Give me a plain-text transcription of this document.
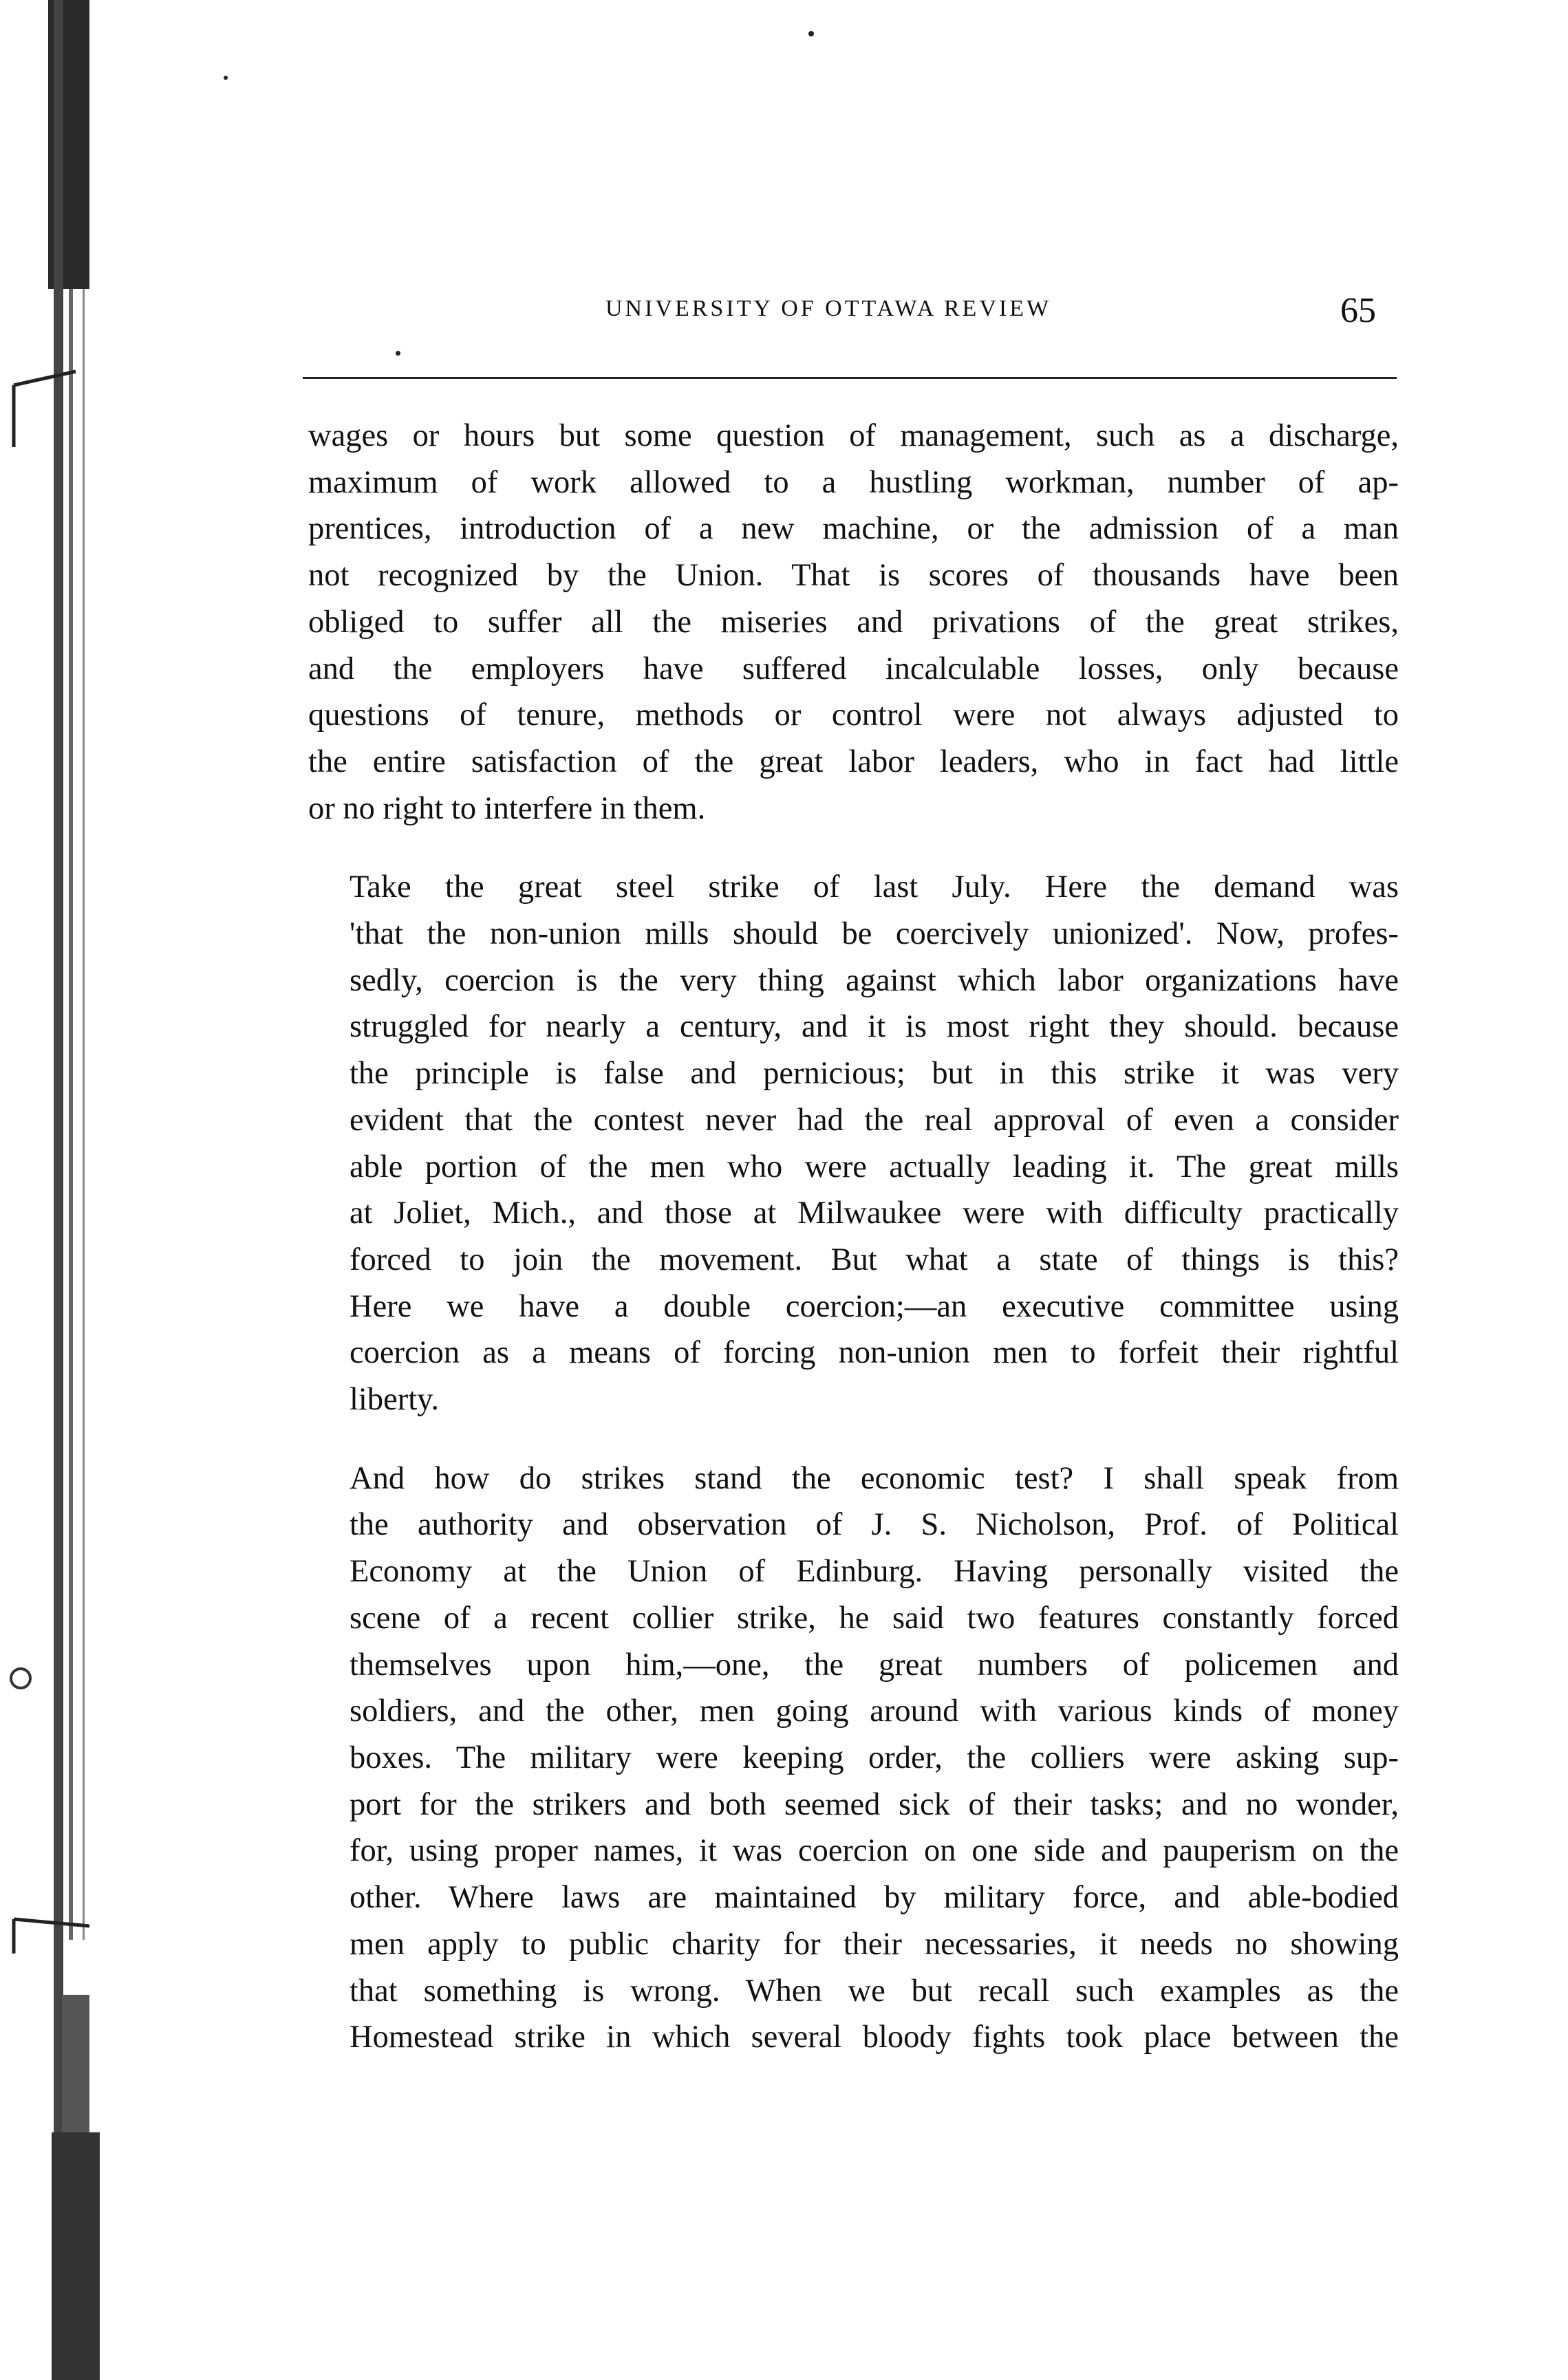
UNIVERSITY OF OTTAWA REVIEW	65

wages or hours but some question of management, such as a discharge,
maximum of work allowed to a hustling workman, number of ap-
prentices, introduction of a new machine, or the admission of a man
not recognized by the Union. That is scores of thousands have been
obliged to suffer all the miseries and privations of the great strikes,
and the employers have suffered incalculable losses, only because
questions of tenure, methods or control were not always adjusted to
the entire satisfaction of the great labor leaders, who in fact had little
or no right to interfere in them.

Take the great steel strike of last July. Here the demand was
'that the non-union mills should be coercively unionized'. Now, profes-
sedly, coercion is the very thing against which labor organizations have
struggled for nearly a century, and it is most right they should. because
the principle is false and pernicious; but in this strike it was very
evident that the contest never had the real approval of even a consider
able portion of the men who were actually leading it. The great mills
at Joliet, Mich., and those at Milwaukee were with difficulty practically
forced to join the movement. But what a state of things is this?
Here we have a double coercion;—an executive committee using
coercion as a means of forcing non-union men to forfeit their rightful
liberty.

And how do strikes stand the economic test? I shall speak from
the authority and observation of J. S. Nicholson, Prof. of Political
Economy at the Union of Edinburg. Having personally visited the
scene of a recent collier strike, he said two features constantly forced
themselves upon him,—one, the great numbers of policemen and
soldiers, and the other, men going around with various kinds of money
boxes. The military were keeping order, the colliers were asking sup-
port for the strikers and both seemed sick of their tasks; and no wonder,
for, using proper names, it was coercion on one side and pauperism on the
other. Where laws are maintained by military force, and able-bodied
men apply to public charity for their necessaries, it needs no showing
that something is wrong. When we but recall such examples as the
Homestead strike in which several bloody fights took place between the
